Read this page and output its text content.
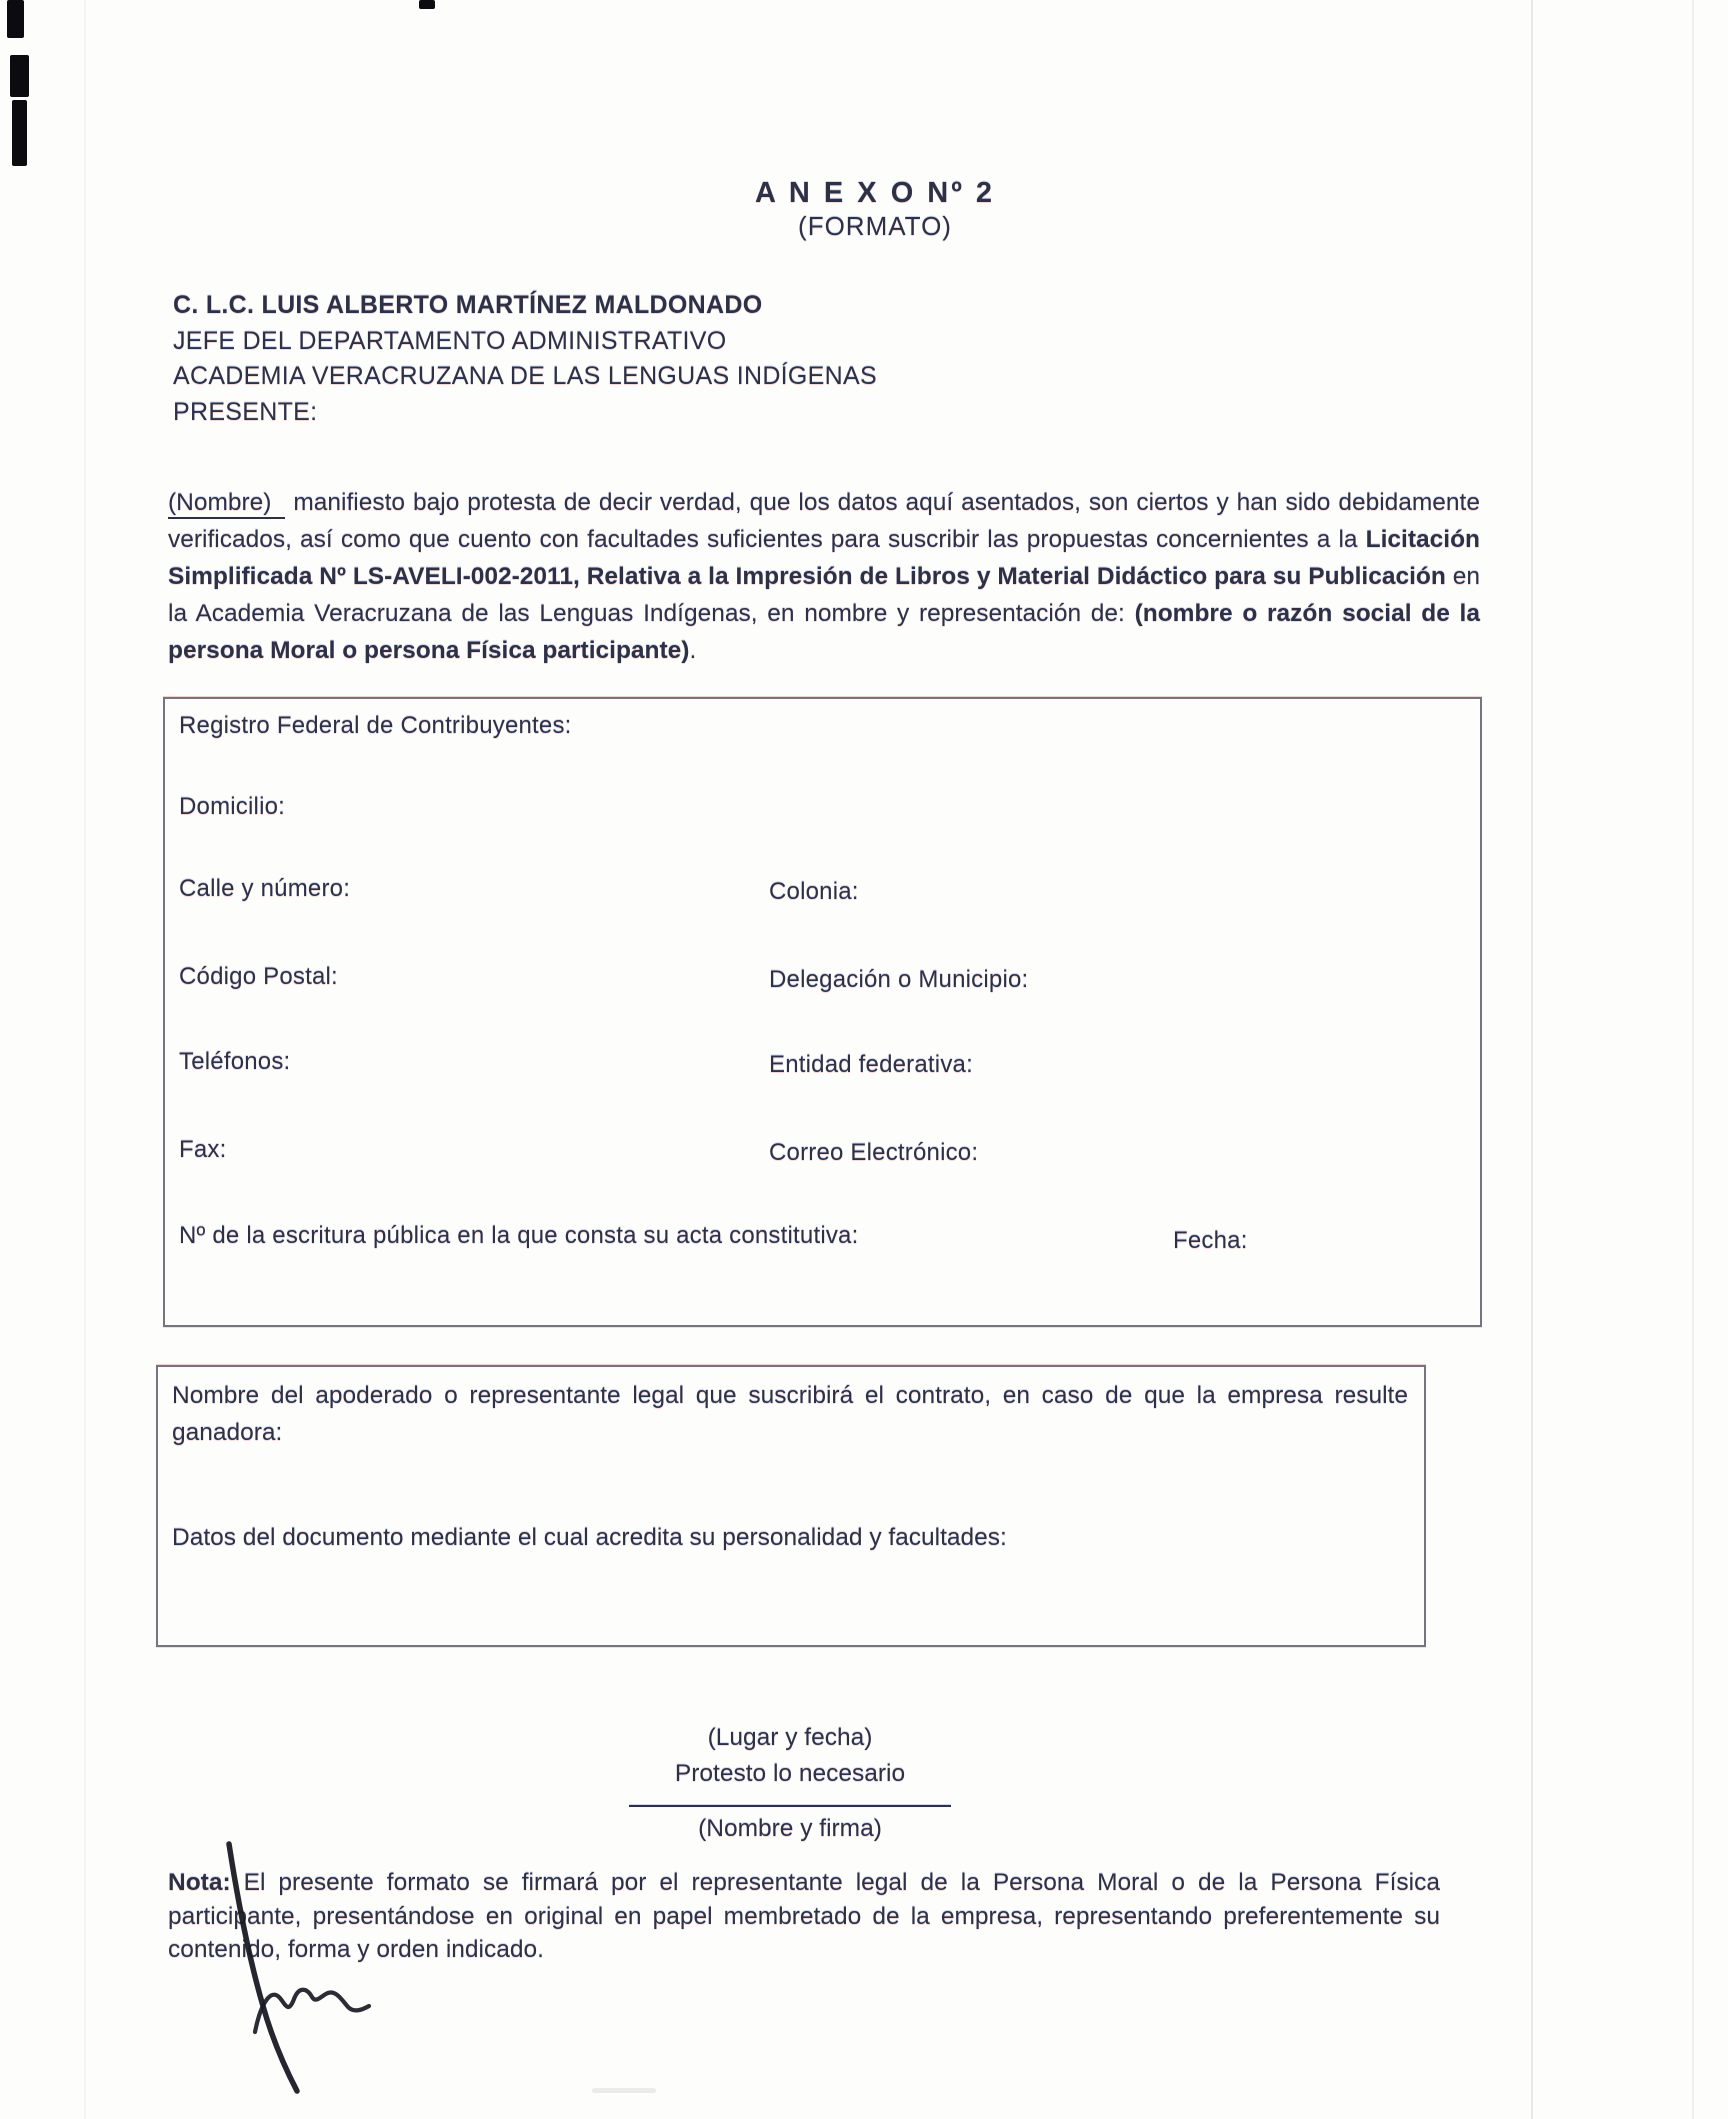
A N E X O Nº 2
(FORMATO)
C. L.C. LUIS ALBERTO MARTÍNEZ MALDONADO
JEFE DEL DEPARTAMENTO ADMINISTRATIVO
ACADEMIA VERACRUZANA DE LAS LENGUAS INDÍGENAS
PRESENTE:

(Nombre) manifiesto bajo protesta de decir verdad, que los datos aquí asentados, son ciertos y han sido debidamente verificados, así como que cuento con facultades suficientes para suscribir las propuestas concernientes a la Licitación Simplificada Nº LS-AVELI-002-2011, Relativa a la Impresión de Libros y Material Didáctico para su Publicación en la Academia Veracruzana de las Lenguas Indígenas, en nombre y representación de: (nombre o razón social de la persona Moral o persona Física participante).

Registro Federal de Contribuyentes:
Domicilio:
Calle y número:	Colonia:
Código Postal:	Delegación o Municipio:
Teléfonos:	Entidad federativa:
Fax:	Correo Electrónico:
Nº de la escritura pública en la que consta su acta constitutiva:	Fecha:

Nombre del apoderado o representante legal que suscribirá el contrato, en caso de que la empresa resulte ganadora:

Datos del documento mediante el cual acredita su personalidad y facultades:

(Lugar y fecha)
Protesto lo necesario
(Nombre y firma)

Nota: El presente formato se firmará por el representante legal de la Persona Moral o de la Persona Física participante, presentándose en original en papel membretado de la empresa, representando preferentemente su contenido, forma y orden indicado.
